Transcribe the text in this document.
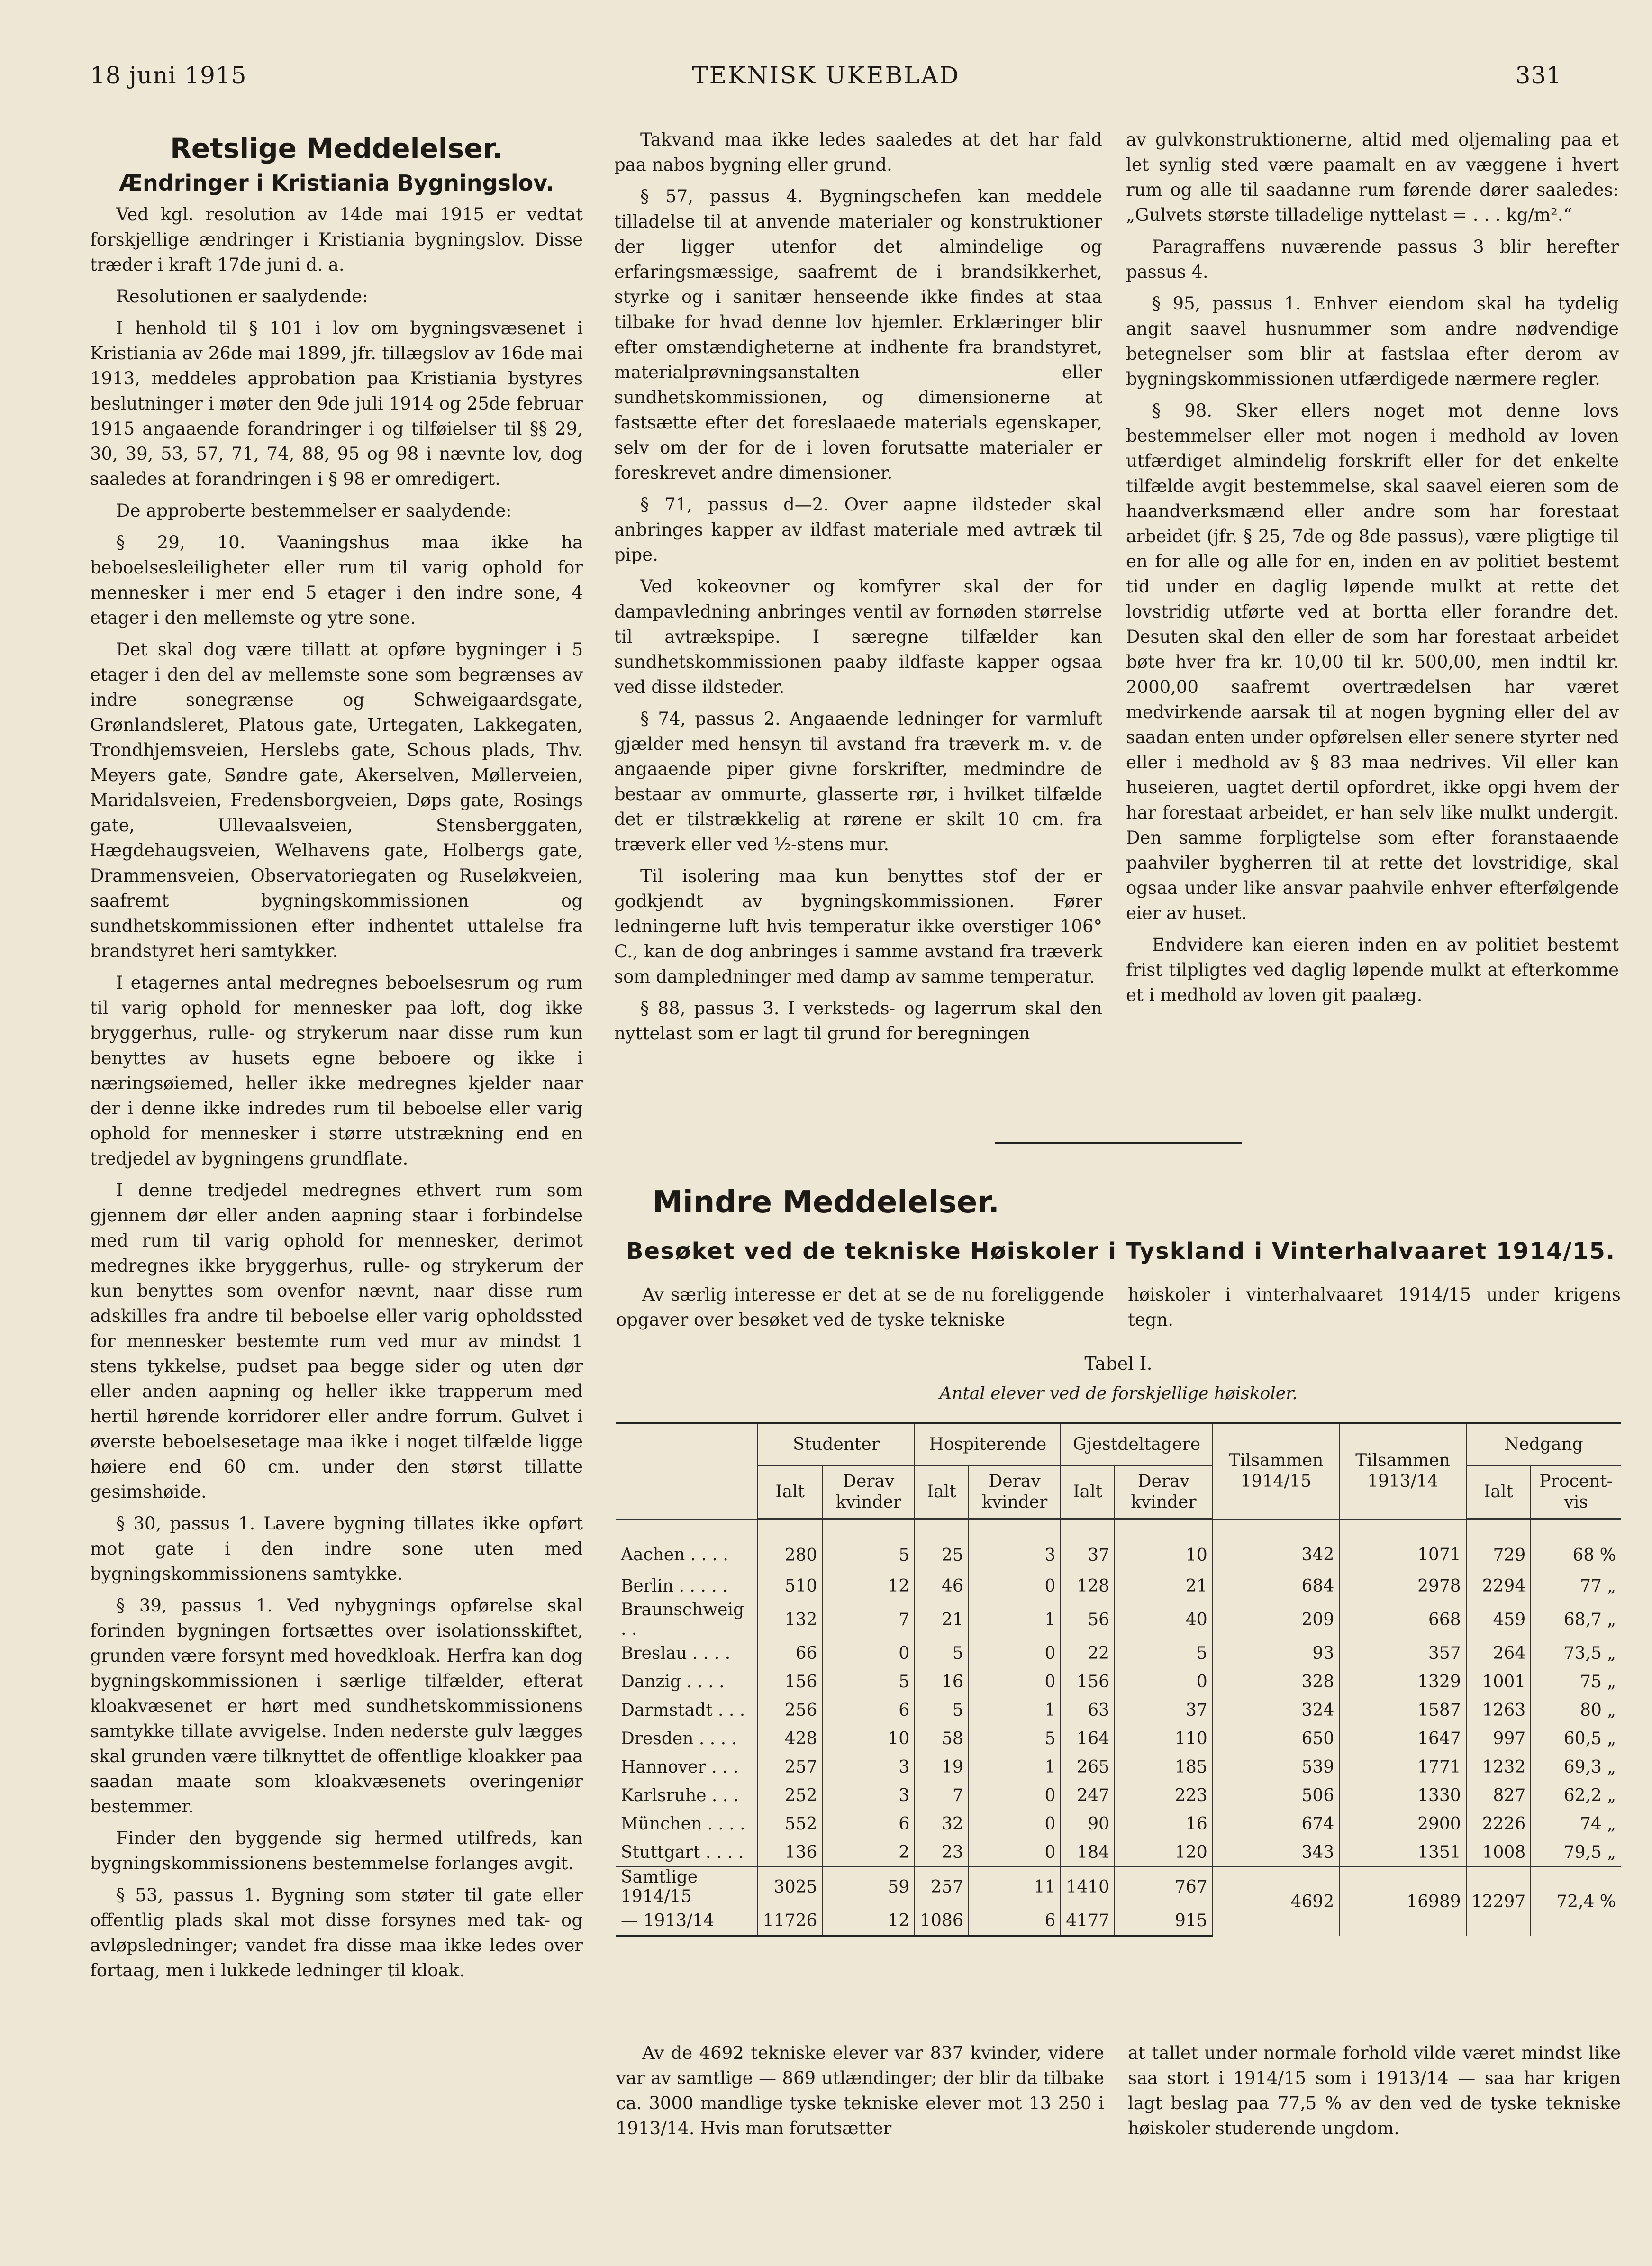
18 juni 1915	TEKNISK UKEBLAD	331
Retslige Meddelelser.
Ændringer i Kristiania Bygningslov.

Ved kgl. resolution av 14de mai 1915 er vedtat forskjellige ændringer i Kristiania bygningslov. Disse træder i kraft 17de juni d. a.

Resolutionen er saalydende:

I henhold til § 101 i lov om bygningsvæsenet i Kristiania av 26de mai 1899, jfr. tillægslov av 16de mai 1913, meddeles approbation paa Kristiania bystyres beslutninger i møter den 9de juli 1914 og 25de februar 1915 angaaende forandringer i og tilføielser til §§ 29, 30, 39, 53, 57, 71, 74, 88, 95 og 98 i nævnte lov, dog saaledes at forandringen i § 98 er omredigert.

De approberte bestemmelser er saalydende:

§ 29, 10. Vaaningshus maa ikke ha beboelsesleiligheter eller rum til varig ophold for mennesker i mer end 5 etager i den indre sone, 4 etager i den mellemste og ytre sone.

Det skal dog være tillatt at opføre bygninger i 5 etager i den del av mellemste sone som begrænses av indre sonegrænse og Schweigaardsgate, Grønlandsleret, Platous gate, Urtegaten, Lakkegaten, Trondhjemsveien, Herslebs gate, Schous plads, Thv. Meyers gate, Søndre gate, Akerselven, Møllerveien, Maridalsveien, Fredensborgveien, Døps gate, Rosings gate, Ullevaalsveien, Stensberggaten, Hægdehaugsveien, Welhavens gate, Holbergs gate, Drammensveien, Observatoriegaten og Ruseløkveien, saafremt bygningskommissionen og sundhetskommissionen efter indhentet uttalelse fra brandstyret heri samtykker.

I etagernes antal medregnes beboelsesrum og rum til varig ophold for mennesker paa loft, dog ikke bryggerhus, rulle- og strykerum naar disse rum kun benyttes av husets egne beboere og ikke i næringsøiemed, heller ikke medregnes kjelder naar der i denne ikke indredes rum til beboelse eller varig ophold for mennesker i større utstrækning end en tredjedel av bygningens grundflate.

I denne tredjedel medregnes ethvert rum som gjennem dør eller anden aapning staar i forbindelse med rum til varig ophold for mennesker, derimot medregnes ikke bryggerhus, rulle- og strykerum der kun benyttes som ovenfor nævnt, naar disse rum adskilles fra andre til beboelse eller varig opholdssted for mennesker bestemte rum ved mur av mindst 1 stens tykkelse, pudset paa begge sider og uten dør eller anden aapning og heller ikke trapperum med hertil hørende korridorer eller andre forrum. Gulvet i øverste beboelsesetage maa ikke i noget tilfælde ligge høiere end 60 cm. under den størst tillatte gesimshøide.

§ 30, passus 1. Lavere bygning tillates ikke opført mot gate i den indre sone uten med bygningskommissionens samtykke.

§ 39, passus 1. Ved nybygnings opførelse skal forinden bygningen fortsættes over isolationsskiftet, grunden være forsynt med hovedkloak. Herfra kan dog bygningskommissionen i særlige tilfælder, efterat kloakvæsenet er hørt med sundhetskommissionens samtykke tillate avvigelse. Inden nederste gulv lægges skal grunden være tilknyttet de offentlige kloakker paa saadan maate som kloakvæsenets overingeniør bestemmer.

Finder den byggende sig hermed utilfreds, kan bygningskommissionens bestemmelse forlanges avgit.

§ 53, passus 1. Bygning som støter til gate eller offentlig plads skal mot disse forsynes med tak- og avløpsledninger; vandet fra disse maa ikke ledes over fortaag, men i lukkede ledninger til kloak.

Takvand maa ikke ledes saaledes at det har fald paa nabos bygning eller grund.

§ 57, passus 4. Bygningschefen kan meddele tilladelse til at anvende materialer og konstruktioner der ligger utenfor det almindelige og erfaringsmæssige, saafremt de i brandsikkerhet, styrke og i sanitær henseende ikke findes at staa tilbake for hvad denne lov hjemler. Erklæringer blir efter omstændigheterne at indhente fra brandstyret, materialprøvningsanstalten eller sundhetskommissionen, og dimensionerne at fastsætte efter det foreslaaede materials egenskaper, selv om der for de i loven forutsatte materialer er foreskrevet andre dimensioner.

§ 71, passus d—2. Over aapne ildsteder skal anbringes kapper av ildfast materiale med avtræk til pipe.

Ved kokeovner og komfyrer skal der for dampavledning anbringes ventil av fornøden størrelse til avtrækspipe. I særegne tilfælder kan sundhetskommissionen paaby ildfaste kapper ogsaa ved disse ildsteder.

§ 74, passus 2. Angaaende ledninger for varmluft gjælder med hensyn til avstand fra træverk m. v. de angaaende piper givne forskrifter, medmindre de bestaar av ommurte, glasserte rør, i hvilket tilfælde det er tilstrækkelig at rørene er skilt 10 cm. fra træverk eller ved ½-stens mur.

Til isolering maa kun benyttes stof der er godkjendt av bygningskommissionen. Fører ledningerne luft hvis temperatur ikke overstiger 106° C., kan de dog anbringes i samme avstand fra træverk som dampledninger med damp av samme temperatur.

§ 88, passus 3. I verksteds- og lagerrum skal den nyttelast som er lagt til grund for beregningen

av gulvkonstruktionerne, altid med oljemaling paa et let synlig sted være paamalt en av væggene i hvert rum og alle til saadanne rum førende dører saaledes: „Gulvets største tilladelige nyttelast = . . . kg/m².“

Paragraffens nuværende passus 3 blir herefter passus 4.

§ 95, passus 1. Enhver eiendom skal ha tydelig angit saavel husnummer som andre nødvendige betegnelser som blir at fastslaa efter derom av bygningskommissionen utfærdigede nærmere regler.

§ 98. Sker ellers noget mot denne lovs bestemmelser eller mot nogen i medhold av loven utfærdiget almindelig forskrift eller for det enkelte tilfælde avgit bestemmelse, skal saavel eieren som de haandverksmænd eller andre som har forestaat arbeidet (jfr. § 25, 7de og 8de passus), være pligtige til en for alle og alle for en, inden en av politiet bestemt tid under en daglig løpende mulkt at rette det lovstridig utførte ved at bortta eller forandre det. Desuten skal den eller de som har forestaat arbeidet bøte hver fra kr. 10,00 til kr. 500,00, men indtil kr. 2000,00 saafremt overtrædelsen har været medvirkende aarsak til at nogen bygning eller del av saadan enten under opførelsen eller senere styrter ned eller i medhold av § 83 maa nedrives. Vil eller kan huseieren, uagtet dertil opfordret, ikke opgi hvem der har forestaat arbeidet, er han selv like mulkt undergit. Den samme forpligtelse som efter foranstaaende paahviler bygherren til at rette det lovstridige, skal ogsaa under like ansvar paahvile enhver efterfølgende eier av huset.

Endvidere kan eieren inden en av politiet bestemt frist tilpligtes ved daglig løpende mulkt at efterkomme et i medhold av loven git paalæg.

Mindre Meddelelser.
Besøket ved de tekniske Høiskoler i Tyskland i Vinterhalvaaret 1914/15.
Av særlig interesse er det at se de nu foreliggende opgaver over besøket ved de tyske tekniske
høiskoler i vinterhalvaaret 1914/15 under krigens tegn.
Tabel I.
Antal elever ved de forskjellige høiskoler.
	Studenter		Hospiterende		Gjestdeltagere		Tilsammen 1914/15	Tilsammen 1913/14	Nedgang	
	Ialt	Derav kvinder	Ialt	Derav kvinder	Ialt	Derav kvinder			Ialt	Procent-vis
Aachen . . . .	280	5	25	3	37	10	342	1071	729	68 %
Berlin . . . . .	510	12	46	0	128	21	684	2978	2294	77 „
Braunschweig . .	132	7	21	1	56	40	209	668	459	68,7 „
Breslau . . . .	66	0	5	0	22	5	93	357	264	73,5 „
Danzig . . . .	156	5	16	0	156	0	328	1329	1001	75 „
Darmstadt . . .	256	6	5	1	63	37	324	1587	1263	80 „
Dresden . . . .	428	10	58	5	164	110	650	1647	997	60,5 „
Hannover . . .	257	3	19	1	265	185	539	1771	1232	69,3 „
Karlsruhe . . .	252	3	7	0	247	223	506	1330	827	62,2 „
München . . . .	552	6	32	0	90	16	674	2900	2226	74 „
Stuttgart . . . .	136	2	23	0	184	120	343	1351	1008	79,5 „
Samtlige 1914/15	3025	59	257	11	1410	767	4692	16989	12297	72,4 %
— 1913/14	11726	12	1086	6	4177	915				
Av de 4692 tekniske elever var 837 kvinder, videre var av samtlige — 869 utlændinger; der blir da tilbake ca. 3000 mandlige tyske tekniske elever mot 13 250 i 1913/14. Hvis man forutsætter
at tallet under normale forhold vilde været mindst like saa stort i 1914/15 som i 1913/14 — saa har krigen lagt beslag paa 77,5 % av den ved de tyske tekniske høiskoler studerende ungdom.
